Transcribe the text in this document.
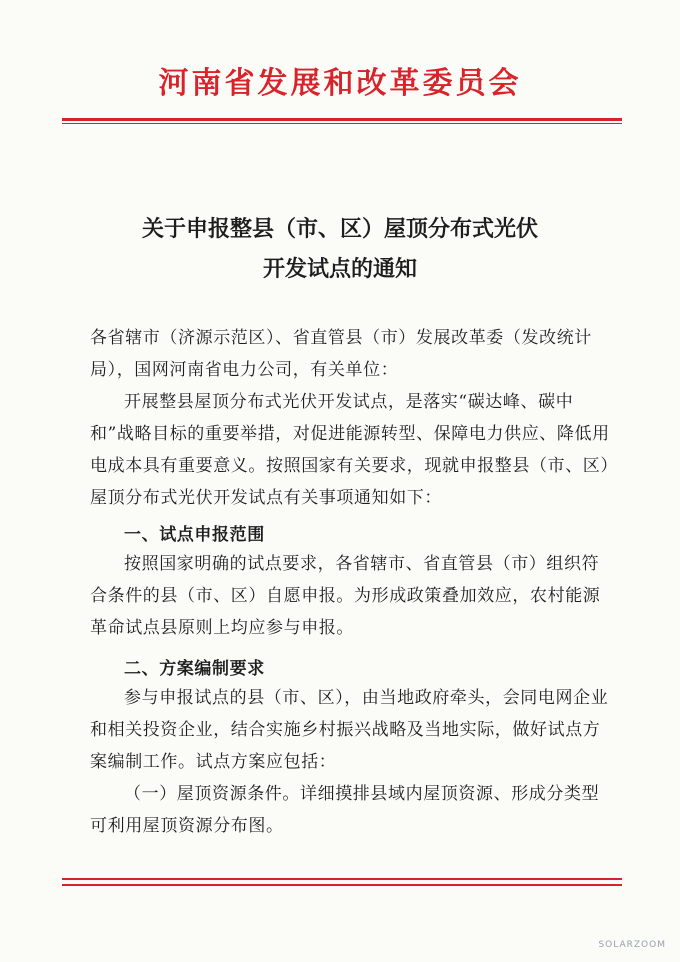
河南省发展和改革委员会
关于申报整县（市、区）屋顶分布式光伏
开发试点的通知
各省辖市（济源示范区）、省直管县（市）发展改革委（发改统计局），国网河南省电力公司，有关单位：
开展整县屋顶分布式光伏开发试点，是落实“碳达峰、碳中和”战略目标的重要举措，对促进能源转型、保障电力供应、降低用电成本具有重要意义。按照国家有关要求，现就申报整县（市、区）屋顶分布式光伏开发试点有关事项通知如下：
一、试点申报范围
按照国家明确的试点要求，各省辖市、省直管县（市）组织符合条件的县（市、区）自愿申报。为形成政策叠加效应，农村能源革命试点县原则上均应参与申报。
二、方案编制要求
参与申报试点的县（市、区），由当地政府牵头，会同电网企业和相关投资企业，结合实施乡村振兴战略及当地实际，做好试点方案编制工作。试点方案应包括：
（一）屋顶资源条件。详细摸排县域内屋顶资源、形成分类型可利用屋顶资源分布图。
SOLARZOOM
